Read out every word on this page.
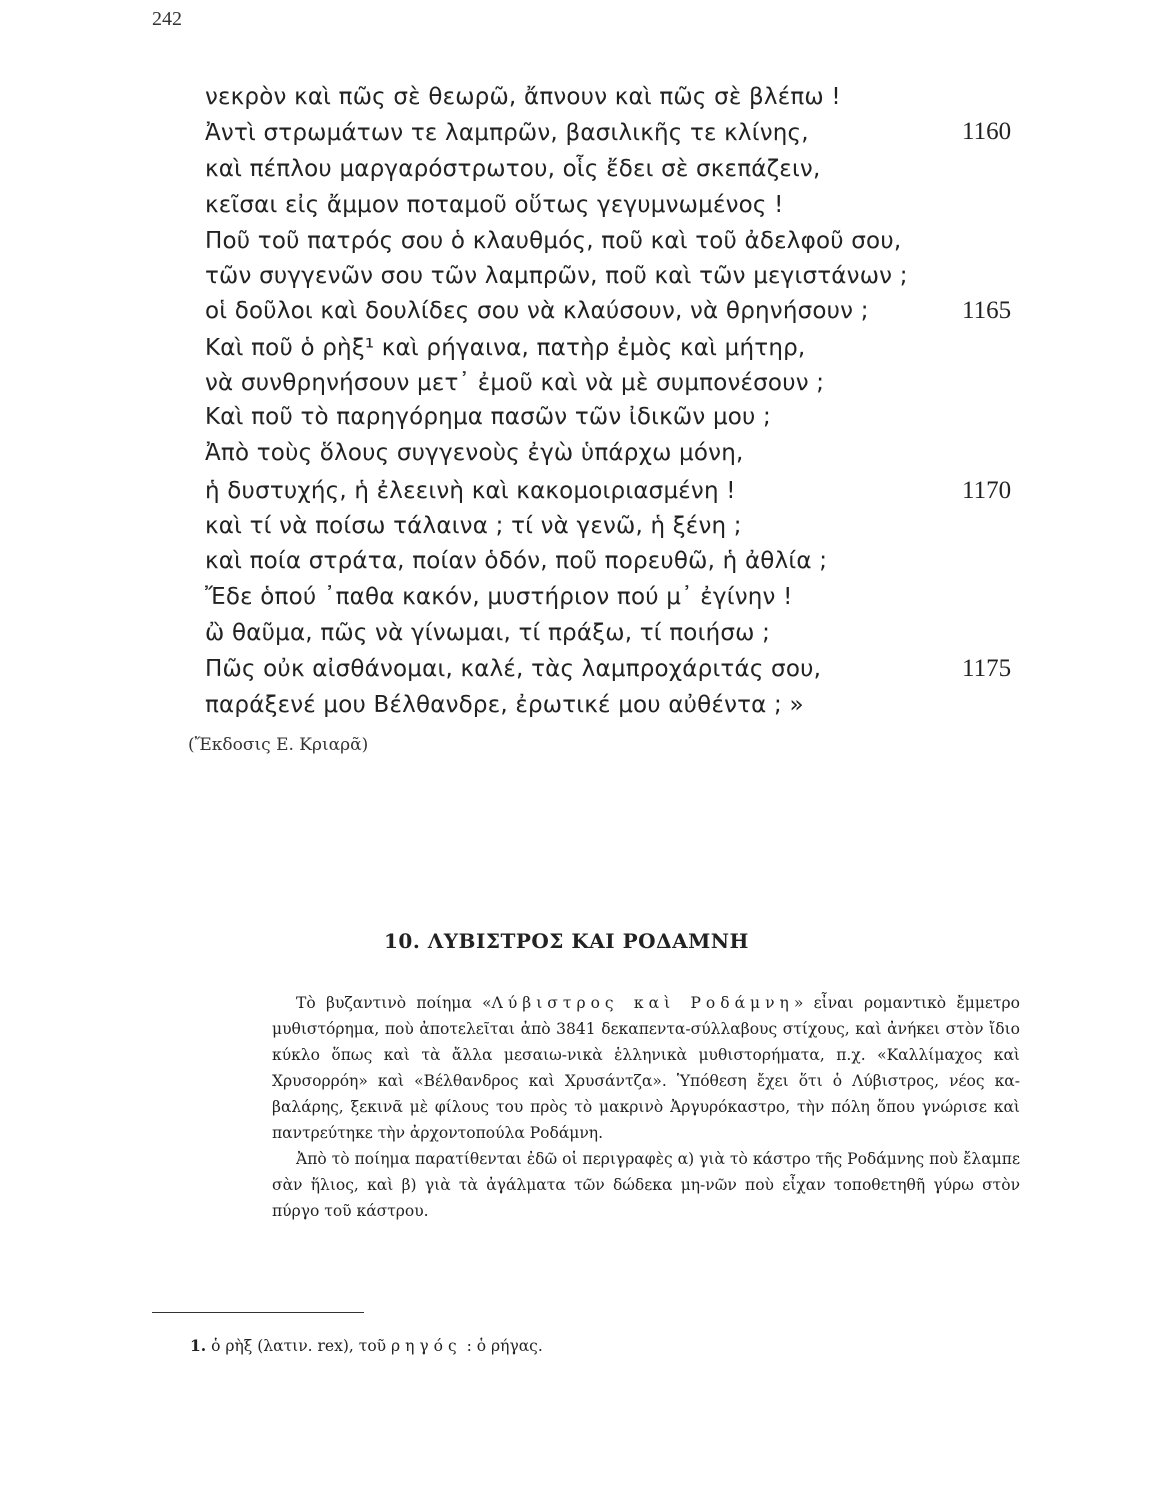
242
νεκρὸν καὶ πῶς σὲ θεωρῶ, ἄπνουν καὶ πῶς σὲ βλέπω !
Ἀντὶ στρωμάτων τε λαμπρῶν, βασιλικῆς τε κλίνης,	1160
καὶ πέπλου μαργαρόστρωτου, οἷς ἔδει σὲ σκεπάζειν,
κεῖσαι εἰς ἄμμον ποταμοῦ οὕτως γεγυμνωμένος !
Ποῦ τοῦ πατρός σου ὁ κλαυθμός, ποῦ καὶ τοῦ ἀδελφοῦ σου,
τῶν συγγενῶν σου τῶν λαμπρῶν, ποῦ καὶ τῶν μεγιστάνων ;
οἱ δοῦλοι καὶ δουλίδες σου νὰ κλαύσουν, νὰ θρηνήσουν ;	1165
Καὶ ποῦ ὁ ρὴξ¹ καὶ ρήγαινα, πατὴρ ἐμὸς καὶ μήτηρ,
νὰ συνθρηνήσουν μετ᾿ ἐμοῦ καὶ νὰ μὲ συμπονέσουν ;
Καὶ ποῦ τὸ παρηγόρημα πασῶν τῶν ἰδικῶν μου ;
Ἀπὸ τοὺς ὅλους συγγενοὺς ἐγὼ ὑπάρχω μόνη,
ἡ δυστυχής, ἡ ἐλεεινὴ καὶ κακομοιριασμένη !	1170
καὶ τί νὰ ποίσω τάλαινα ; τί νὰ γενῶ, ἡ ξένη ;
καὶ ποία στράτα, ποίαν ὁδόν, ποῦ πορευθῶ, ἡ ἀθλία ;
Ἔδε ὁπού ᾿παθα κακόν, μυστήριον πού μ᾿ ἐγίνην !
ὢ θαῦμα, πῶς νὰ γίνωμαι, τί πράξω, τί ποιήσω ;
Πῶς οὐκ αἰσθάνομαι, καλέ, τὰς λαμπροχάριτάς σου,	1175
παράξενέ μου Βέλθανδρε, ἐρωτικέ μου αὐθέντα ; »
(Ἔκδοσις Ε. Κριαρᾶ)
10. ΛΥΒΙΣΤΡΟΣ ΚΑΙ ΡΟΔΑΜΝΗ

Τὸ βυζαντινὸ ποίημα «Λύβιστρος καὶ Ροδάμνη» εἶναι ρομαντικὸ ἔμμετρο μυθιστόρημα, ποὺ ἀποτελεῖται ἀπὸ 3841 δεκαπεντα-σύλλαβους στίχους, καὶ ἀνήκει στὸν ἴδιο κύκλο ὅπως καὶ τὰ ἄλλα μεσαιω-νικὰ ἑλληνικὰ μυθιστορήματα, π.χ. «Καλλίμαχος καὶ Χρυσορρόη» καὶ «Βέλθανδρος καὶ Χρυσάντζα». Ὑπόθεση ἔχει ὅτι ὁ Λύβιστρος, νέος κα-βαλάρης, ξεκινᾶ μὲ φίλους του πρὸς τὸ μακρινὸ Ἀργυρόκαστρο, τὴν πόλη ὅπου γνώρισε καὶ παντρεύτηκε τὴν ἀρχοντοπούλα Ροδάμνη.

Ἀπὸ τὸ ποίημα παρατίθενται ἐδῶ οἱ περιγραφὲς α) γιὰ τὸ κάστρο τῆς Ροδάμνης ποὺ ἔλαμπε σὰν ἥλιος, καὶ β) γιὰ τὰ ἀγάλματα τῶν δώδεκα μη-νῶν ποὺ εἶχαν τοποθετηθῆ γύρω στὸν πύργο τοῦ κάστρου.

1. ὁ ρὴξ (λατιν. rex), τοῦ ρηγός : ὁ ρήγας.
